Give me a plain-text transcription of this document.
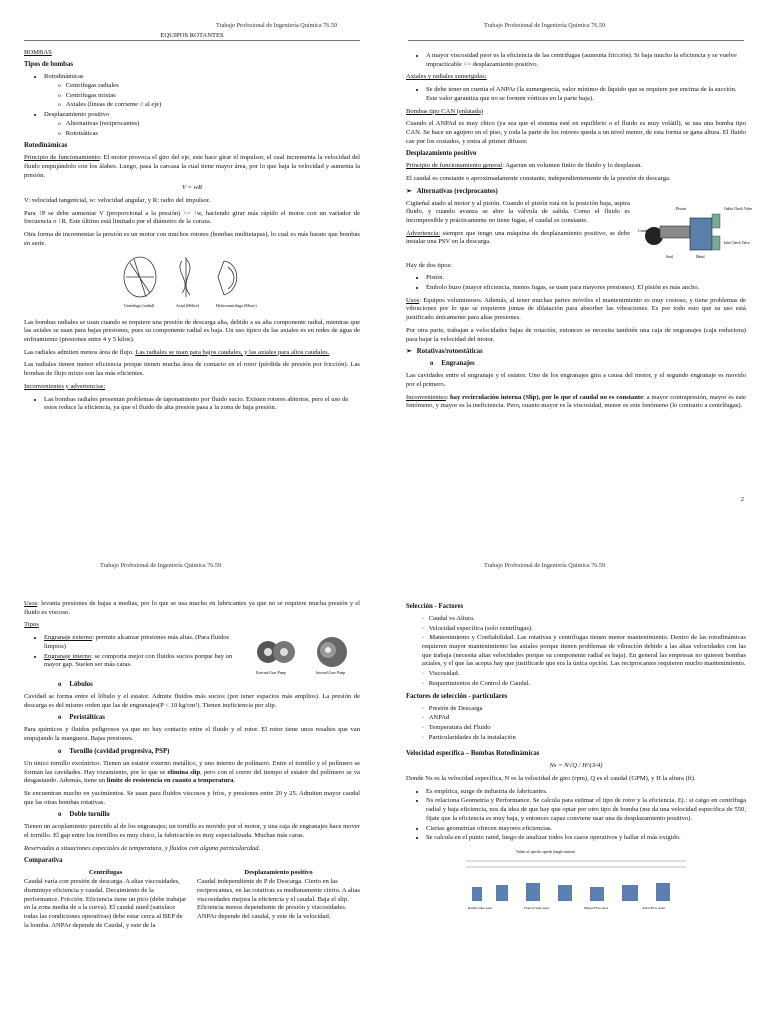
Trabajo Profesional de Ingeniería Química 76.59
EQUIPOS ROTANTES

BOMBAS

Tipos de bombas
• Rotodinámicas
o Centrífugas radiales
o Centrífugas mixtas
o Axiales (líneas de corriente // al eje)
• Desplazamiento positivo
o Alternativas (reciprocantes)
o Rototsáticas
Rotodinámicas

Principio de funcionamiento: El motor provoca el giro del eje, este hace girar el impulsor, el cual incrementa la velocidad del fluido empujándolo con los álabes. Luego, pasa la carcasa la cual tiene mayor área, por lo que baja la velocidad y aumenta la presión.

V = wR

V: velocidad tangencial, w: velocidad angular, y R: radio del impulsor.

Para ↑P se debe aumentar V (proporcional a la presión) >> ↑w, haciendo girar más rápido el motor con un variador de frecuencia o ↑R. Este último está limitado por el diámetro de la coraza.

Otra forma de incrementar la presión es un motor con muchos rotores (bombas multietapas), lo cual es más barato que bombas en serie.

Centrífugo (radial)	Axial (Hélice)	Helicocentrífugo (Mixto)

Las bombas radiales se usan cuando se requiere una presión de descarga alta, debido a su alta componente radial, mientras que las axiales se usan para bajas presiones, pues su componente radial es baja. Un uso típico de las axiales es en redes de agua de enfriamiento (presiones entre 4 y 5 kilos).

Las radiales admiten menos área de flujo. Las radiales se usan para bajos caudales, y las axiales para altos caudales.

Las radiales tienen menor eficiencia porque tienen mucha área de contacto en el rotor (pérdida de presión por fricción). Las bombas de flujo mixto son las más eficientes.

Inconvenientes y advertencias:

• Las bombas radiales presentan problemas de taponamiento por fluido sucio. Existen rotores abiertos, pero el uso de estos reduce la eficiencia, ya que el fluido de alta presión pasa a la zona de baja presión.
Trabajo Profesional de Ingeniería Química 76.59
• A mayor viscosidad peor es la eficiencia de las centrífugas (aumenta fricción). Si baja mucho la eficiencia y se vuelve impracticable >> desplazamiento positivo.

Axiales y radiales sumergidas:

• Se debe tener en cuenta el ANPAr (la sumergencia, valor mínimo de líquido que se requiere por encima de la succión. Este valor garantiza que no se formen vórtices en la parte baja).

Bombas tipo CAN (enlatada)

Cuando el ANPAd es muy chico (ya sea que el sistema esté en equilibrio o el fluido es muy volátil), se usa una bomba tipo CAN. Se hace un agujero en el piso, y toda la parte de los rotores queda a un nivel menor, de esta forma se gana altura. El fluido cae por los costados, y entra al primer difusor.

Desplazamiento positivo

Principio de funcionamiento general: Agarran un volumen finito de fluido y lo desplazan.

El caudal es constante o aproximadamente constante, independientemente de la presión de descarga.

➢ Alternativas (reciprocantes)

Cigüeñal atado al motor y al pistón. Cuando el pistón está en la posición baja, aspira fluido, y cuando avanza se abre la válvula de salida. Como el fluido es incompresible y prácticamente no tiene fugas, el caudal es constante.

Advertencia: siempre que tengo una máquina de desplazamiento positivo, se debe instalar una PSV en la descarga.

Piston	Outlet Check Valve
Crank
Inlet Check Valve
Seal	Head

Hay de dos tipos:

• Pistón.
• Émbolo buzo (mayor eficiencia, menos fugas, se usan para mayores presiones). El pistón es más ancho.

Usos: Equipos voluminosos. Además, al tener muchas partes móviles el mantenimiento es muy costoso, y tiene problemas de vibraciones por lo que se requieren juntas de dilatación para absorber las vibraciones. Es por todo esto que su uso está justificado únicamente para altas presiones.

Por otra parte, trabajan a velocidades bajas de rotación, entonces se necesita también una caja de engranajes (caja reductora) para bajar la velocidad del motor.

➢ Rotativas/rotoestáticas
o Engranajes

Las cavidades entre el engranaje y el estator. Uno de los engranajes gira a causa del motor, y el segundo engranaje es movido por el primero.

Inconvenientes: hay recirculación interna (Slip), por lo que el caudal no es constante: a mayor contrapresión, mayor es este fenómeno, y mayor es la ineficiencia. Pero, cuanto mayor es la viscosidad, menor es este fenómeno (lo contrario a centrífugas).

2
Trabajo Profesional de Ingeniería Química 76.59

Usos: levanta presiones de bajas a medias, por lo que se usa mucho en lubricantes ya que no se requiere mucha presión y el fluido es viscoso.

Tipos

• Engranaje externo: permite alcanzar presiones más altas. (Para fluidos limpios)
• Engranaje interno: se comporta mejor con fluidos sucios porque hay un mayor gap. Suelen ser más caras.
External Gear Pump	Internal Gear Pump
o Lóbulos

Cavidad se forma entre el lóbulo y el estator. Admite fluidos más sucios (por tener espacios más amplios). La presión de descarga es del mismo orden que las de engranajes(P < 10 kg/cm²). Tienen ineficiencia por slip.

o Peristálticas

Para químicos y fluidos peligrosos ya que no hay contacto entre el fluido y el rotor. El rotor tiene unos resaltes que van empujando la manguera. Bajas presiones.

o Tornillo (cavidad progresiva, PSP)

Un único tornillo excéntrico. Tienen un estator externo metálico, y uno interno de polímero. Entre el tornillo y el polímero se forman las cavidades. Hay rozamiento, por lo que se elimina slip, pero con el correr del tiempo el estator del polímero se va desgastando. Además, tiene un límite de resistencia en cuanto a temperatura.

Se encuentran mucho en yacimientos. Se usan para fluidos viscosos y fríos, y presiones entre 20 y 25. Admiten mayor caudal que las otras bombas rotativas.

o Doble tornillo

Tienen un acoplamiento parecido al de los engranajes; un tornillo es movido por el motor, y una caja de engranajes hace mover el tornillo. El gap entre los tornillos es muy chico, la fabricación es muy especializada. Muchas más caras.

Reservadas a situaciones especiales de temperatura, y fluidos con alguna particularidad.

Comparativa
Centrífugas
Caudal varía con presión de descarga. A altas viscosidades, disminuye eficiencia y caudal. Decaimiento de la performance. Fricción. Eficiencia tiene un pico (debe trabajar en la zona media de a la curva). El caudal rated (satisface todas las condiciones operativas) debe estar cerca al BEP de la bomba. ANPAr depende de Caudal, y este de la
Desplazamiento positivo
Caudal independiente de P de Descarga. Cierto en las reciprocantes, en las rotativas es medianamente cierto. A altas viscosidades mejora la eficiencia y el caudal. Baja el slip. Eficiencia menos dependiente de presión y viscosidades. ANPAr depende del caudal, y este de la velocidad.
Trabajo Profesional de Ingeniería Química 76.59
Selección - Factores
▫ Caudal vs Altura.
▫ Velocidad específica (solo centrífugas).
▫ Mantenimiento y Confiabilidad. Las rotativas y centrífugas tienen menor mantenimiento. Dentro de las rotodinámicas requieren mayor mantenimiento las axiales porque tienen problemas de vibración debido a las altas velocidades con las que trabaja (necesita altas velocidades porque su componente radial es baja). En general las empresas no quieren bombas axiales, y el que las acepta hay que justificarle que era la única opción. Las reciprocantes requieren mucho mantenimiento.
▫ Viscosidad.
▫ Requerimientos de Control de Caudal.
Factores de selección - particulares
▫ Presión de Descarga
▫ ANPAd
▫ Temperatura del Fluido
▫ Particularidades de la instalación
Velocidad específica – Bombas Rotodinámicas

Ns = N√Q / H^(3/4)

Donde Ns es la velocidad específica, N es la velocidad de giro (rpm), Q es el caudal (GPM), y H la altura (ft).

• Es empírica, surge de industria de fabricantes.
• Ns relaciona Geometría y Performance. Se calcula para estimar el tipo de rotor y la eficiencia. Ej.: si caigo en centrífuga radial y baja eficiencia, nos da idea de que hay que optar por otro tipo de bomba (me da una velocidad específica de 550, fijate que la eficiencia es muy baja, y entonces capaz conviene usar una de desplazamiento positivo).
• Ciertas geometrías ofrecen mayores eficiencias.
• Se calcula en el punto rated, luego de analizar todos los casos operativos y hallar el más exigido.
Values of specific speeds (single suction)
Radial-Vane Area	Francis-Vane Area	Mixed-Flow Area	Axial-Flow Area
